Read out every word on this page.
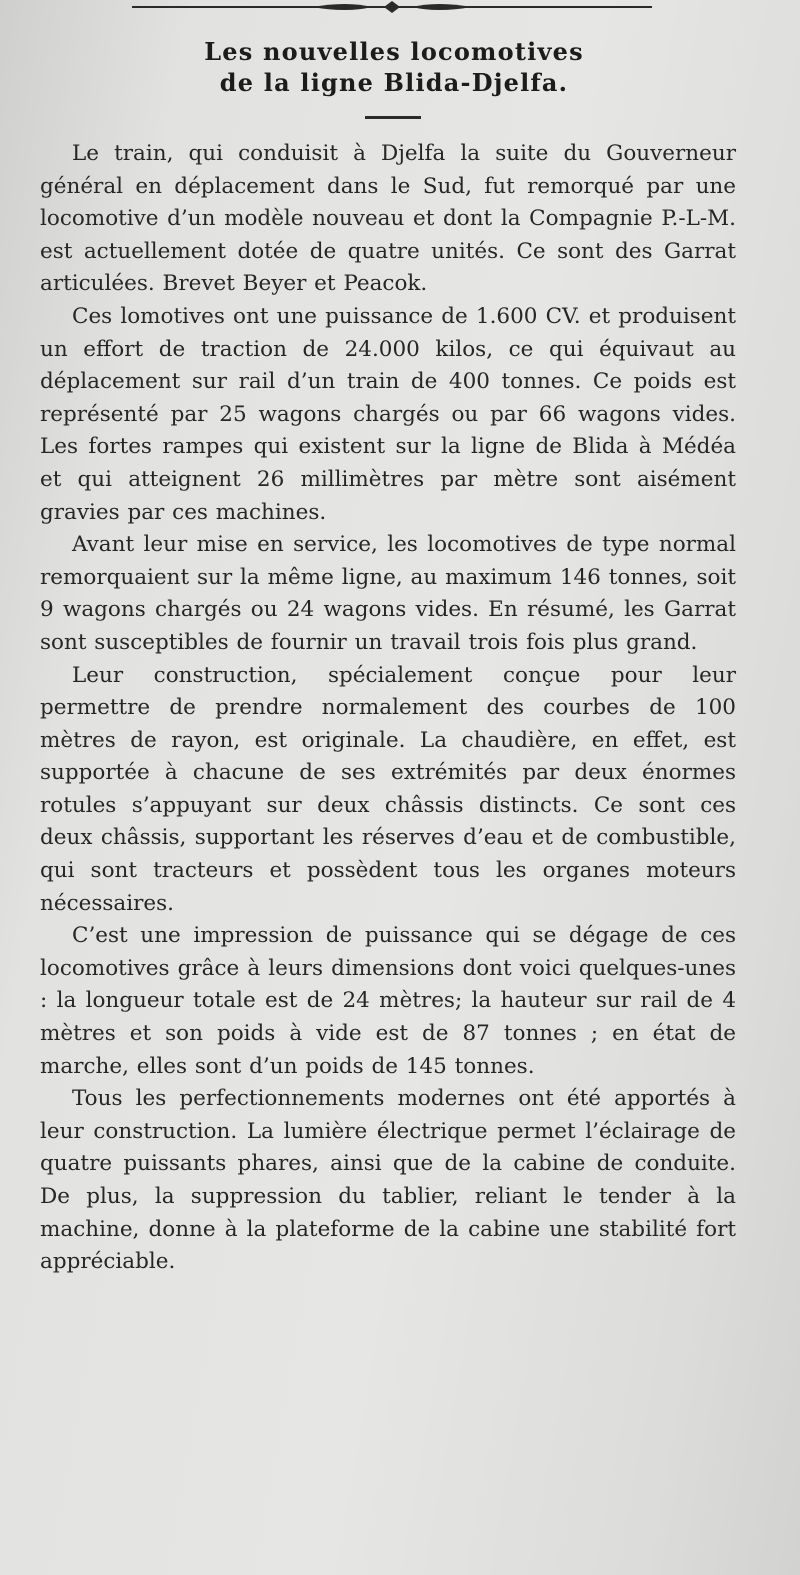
Les nouvelles locomotives
de la ligne Blida-Djelfa.

Le train, qui conduisit à Djelfa la suite du Gouverneur général en déplacement dans le Sud, fut remorqué par une locomotive d’un modèle nouveau et dont la Compagnie P.-L-M. est actuellement dotée de quatre unités. Ce sont des Garrat articulées. Brevet Beyer et Peacok.

Ces lomotives ont une puissance de 1.600 CV. et produisent un effort de traction de 24.000 kilos, ce qui équivaut au déplacement sur rail d’un train de 400 tonnes. Ce poids est représenté par 25 wagons chargés ou par 66 wagons vides. Les fortes rampes qui existent sur la ligne de Blida à Médéa et qui atteignent 26 millimètres par mètre sont aisément gravies par ces machines.

Avant leur mise en service, les locomotives de type normal remorquaient sur la même ligne, au maximum 146 tonnes, soit 9 wagons chargés ou 24 wagons vides. En résumé, les Garrat sont susceptibles de fournir un travail trois fois plus grand.

Leur construction, spécialement conçue pour leur permettre de prendre normalement des courbes de 100 mètres de rayon, est originale. La chaudière, en effet, est supportée à chacune de ses extrémités par deux énormes rotules s’appuyant sur deux châssis distincts. Ce sont ces deux châssis, supportant les réserves d’eau et de combustible, qui sont tracteurs et possèdent tous les organes moteurs nécessaires.

C’est une impression de puissance qui se dégage de ces locomotives grâce à leurs dimensions dont voici quelques-unes : la longueur totale est de 24 mètres; la hauteur sur rail de 4 mètres et son poids à vide est de 87 tonnes ; en état de marche, elles sont d’un poids de 145 tonnes.

Tous les perfectionnements modernes ont été apportés à leur construction. La lumière électrique permet l’éclairage de quatre puissants phares, ainsi que de la cabine de conduite. De plus, la suppression du tablier, reliant le tender à la machine, donne à la plateforme de la cabine une stabilité fort appréciable.
